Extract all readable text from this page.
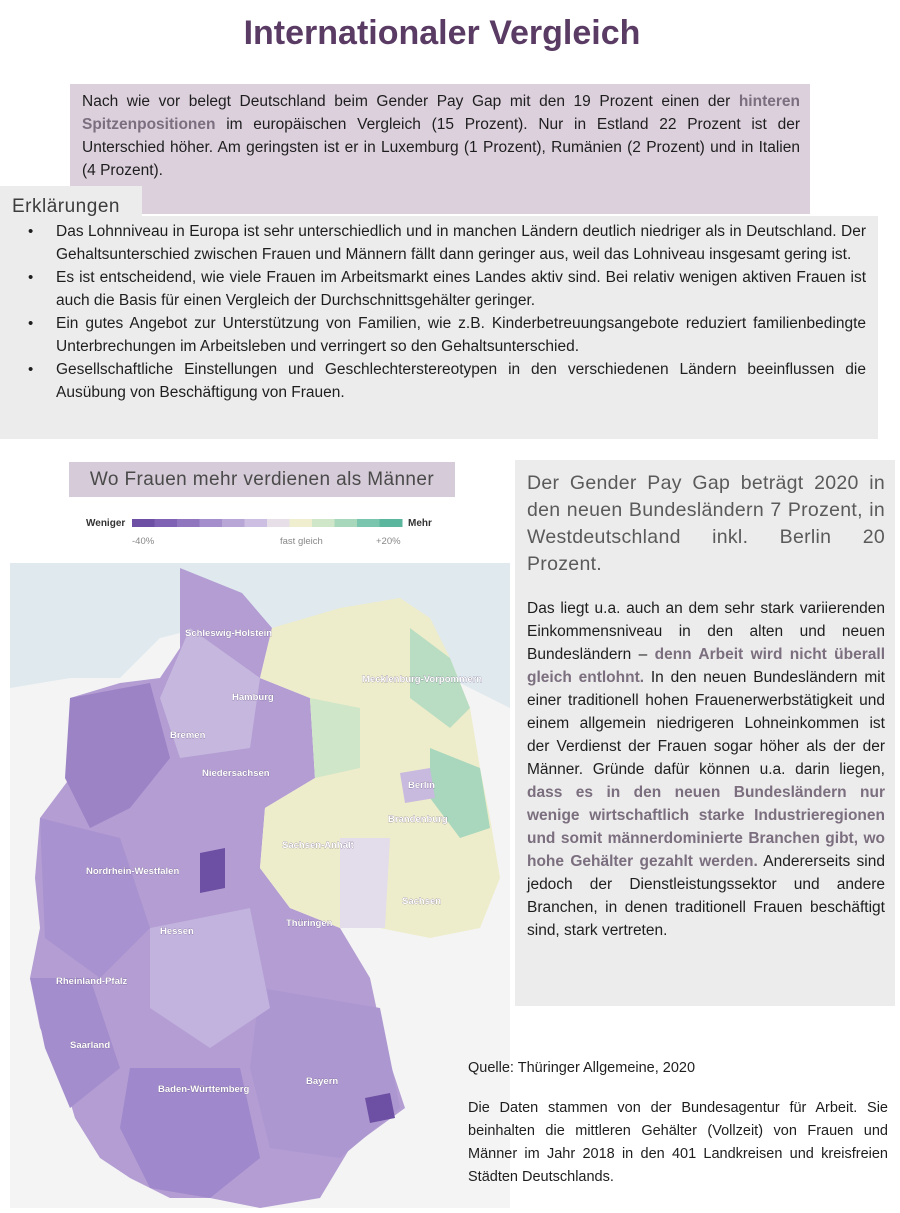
Internationaler Vergleich
Nach wie vor belegt Deutschland beim Gender Pay Gap mit den 19 Prozent einen der hinteren Spitzenpositionen im europäischen Vergleich (15 Prozent). Nur in Estland 22 Prozent ist der Unterschied höher. Am geringsten ist er in Luxemburg (1 Prozent), Rumänien (2 Prozent) und in Italien (4 Prozent).
Erklärungen
• Das Lohnniveau in Europa ist sehr unterschiedlich und in manchen Ländern deutlich niedriger als in Deutschland. Der Gehaltsunterschied zwischen Frauen und Männern fällt dann geringer aus, weil das Lohniveau insgesamt gering ist.
• Es ist entscheidend, wie viele Frauen im Arbeitsmarkt eines Landes aktiv sind. Bei relativ wenigen aktiven Frauen ist auch die Basis für einen Vergleich der Durchschnittsgehälter geringer.
• Ein gutes Angebot zur Unterstützung von Familien, wie z.B. Kinderbetreuungsangebote reduziert familienbedingte Unterbrechungen im Arbeitsleben und verringert so den Gehaltsunterschied.
• Gesellschaftliche Einstellungen und Geschlechterstereotypen in den verschiedenen Ländern beeinflussen die Ausübung von Beschäftigung von Frauen.
Wo Frauen mehr verdienen als Männer
Weniger	Mehr
-40%	fast gleich	+20%
Schleswig-Holstein
Hamburg
Mecklenburg-Vorpommern
Bremen
Niedersachsen
Berlin
Brandenburg
Sachsen-Anhalt
Nordrhein-Westfalen
Sachsen
Thüringen
Hessen
Rheinland-Pfalz
Saarland
Baden-Württemberg
Bayern
Der Gender Pay Gap beträgt 2020 in den neuen Bundesländern 7 Prozent, in Westdeutschland inkl. Berlin 20 Prozent.
Das liegt u.a. auch an dem sehr stark variierenden Einkommensniveau in den alten und neuen Bundesländern – denn Arbeit wird nicht überall gleich entlohnt. In den neuen Bundesländern mit einer traditionell hohen Frauenerwerbstätigkeit und einem allgemein niedrigeren Lohneinkommen ist der Verdienst der Frauen sogar höher als der der Männer. Gründe dafür können u.a. darin liegen, dass es in den neuen Bundesländern nur wenige wirtschaftlich starke Industrieregionen und somit männerdominierte Branchen gibt, wo hohe Gehälter gezahlt werden. Andererseits sind jedoch der Dienstleistungssektor und andere Branchen, in denen traditionell Frauen beschäftigt sind, stark vertreten.
Quelle: Thüringer Allgemeine, 2020
Die Daten stammen von der Bundesagentur für Arbeit. Sie beinhalten die mittleren Gehälter (Vollzeit) von Frauen und Männer im Jahr 2018 in den 401 Landkreisen und kreisfreien Städten Deutschlands.
